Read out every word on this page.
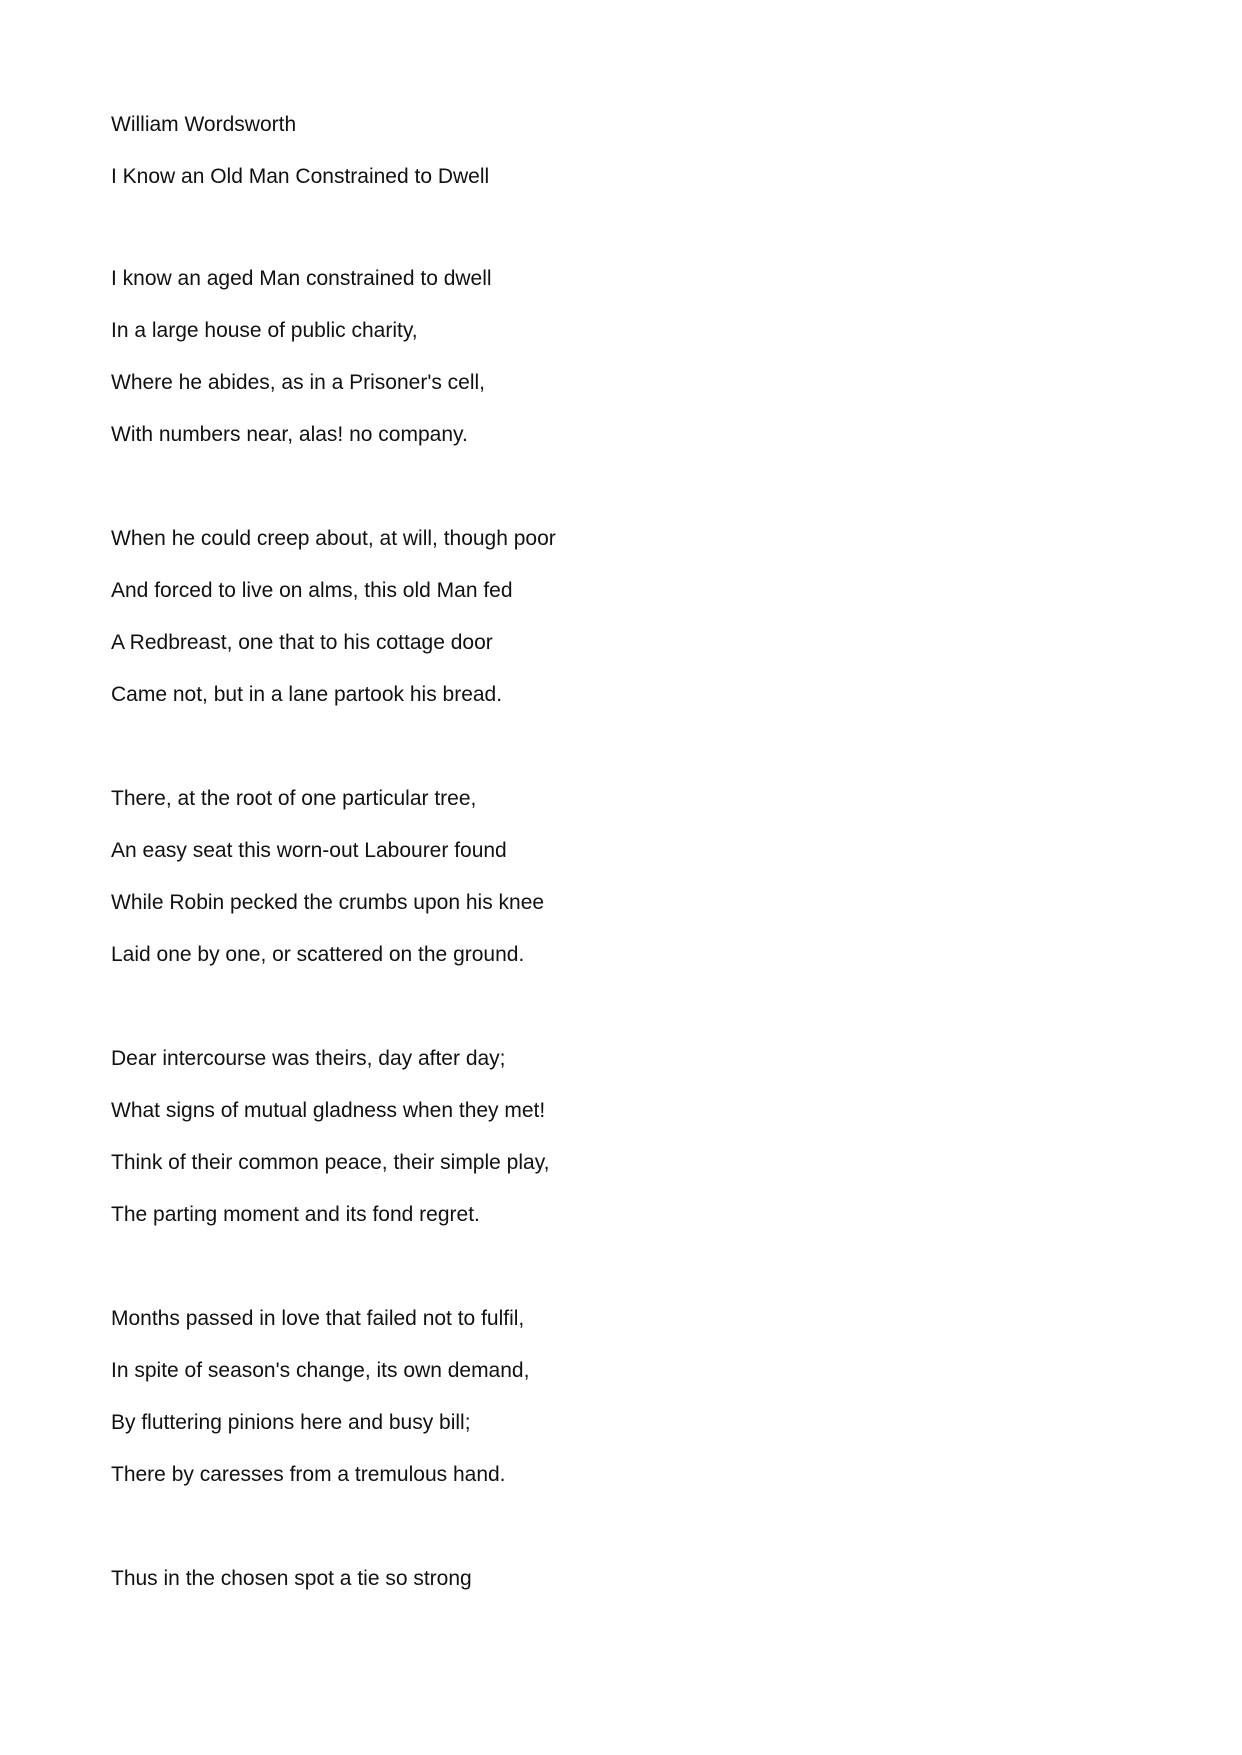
William Wordsworth
I Know an Old Man Constrained to Dwell
I know an aged Man constrained to dwell
In a large house of public charity,
Where he abides, as in a Prisoner's cell,
With numbers near, alas! no company.
When he could creep about, at will, though poor
And forced to live on alms, this old Man fed
A Redbreast, one that to his cottage door
Came not, but in a lane partook his bread.
There, at the root of one particular tree,
An easy seat this worn-out Labourer found
While Robin pecked the crumbs upon his knee
Laid one by one, or scattered on the ground.
Dear intercourse was theirs, day after day;
What signs of mutual gladness when they met!
Think of their common peace, their simple play,
The parting moment and its fond regret.
Months passed in love that failed not to fulfil,
In spite of season's change, its own demand,
By fluttering pinions here and busy bill;
There by caresses from a tremulous hand.
Thus in the chosen spot a tie so strong
